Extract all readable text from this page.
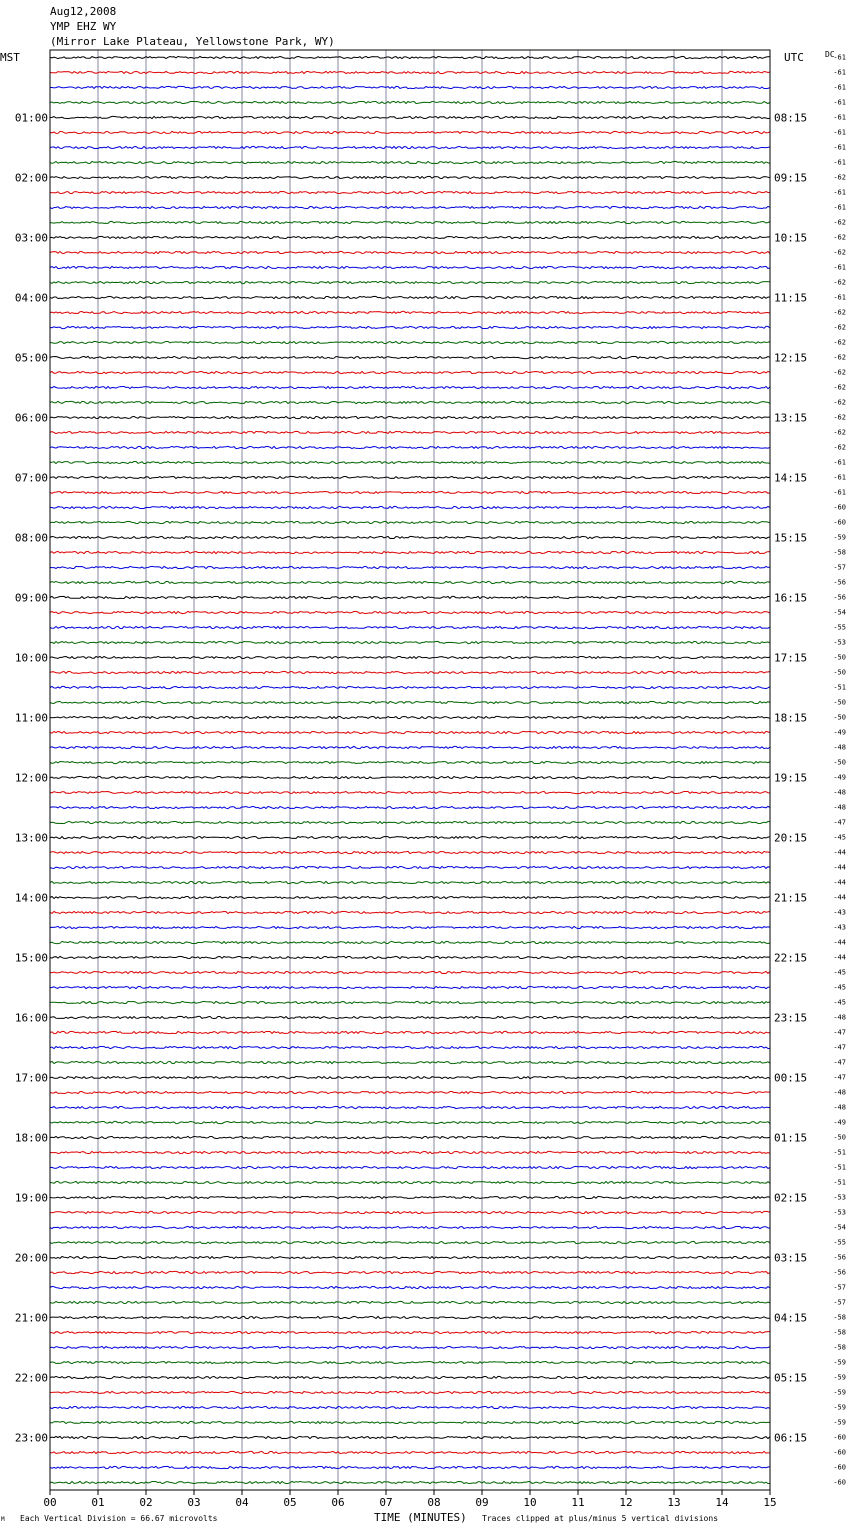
Aug12,2008
YMP EHZ WY
(Mirror Lake Plateau, Yellowstone Park, WY)
MST	UTC	DC
00	01	02	03	04	05	06	07	08	09	10	11	12	13	14	15
-61
-61
-61
-61
-61
-61
-61
-61
-62
-61
-61
-62
-62
-62
-61
-62
-61
-62
-62
-62
-62
-62
-62
-62
-62
-62
-62
-61
-61
-61
-60
-60
-59
-58
-57
-56
-56
-54
-55
-53
-50
-50
-51
-50
-50
-49
-48
-50
-49
-48
-48
-47
-45
-44
-44
-44
-44
-43
-43
-44
-44
-45
-45
-45
-48
-47
-47
-47
-47
-48
-48
-49
-50
-51
-51
-51
-53
-53
-54
-55
-56
-56
-57
-57
-58
-58
-58
-59
-59
-59
-59
-59
-60
-60
-60
-60
01:00
02:00
03:00
04:00
05:00
06:00
07:00
08:00
09:00
10:00
11:00
12:00
13:00
14:00
15:00
16:00
17:00
18:00
19:00
20:00
21:00
22:00
23:00
08:15
09:15
10:15
11:15
12:15
13:15
14:15
15:15
16:15
17:15
18:15
19:15
20:15
21:15
22:15
23:15
00:15
01:15
02:15
03:15
04:15
05:15
06:15
TIME (MINUTES)
Each Vertical Division = 66.67 microvolts	Traces clipped at plus/minus 5 vertical divisions
M
